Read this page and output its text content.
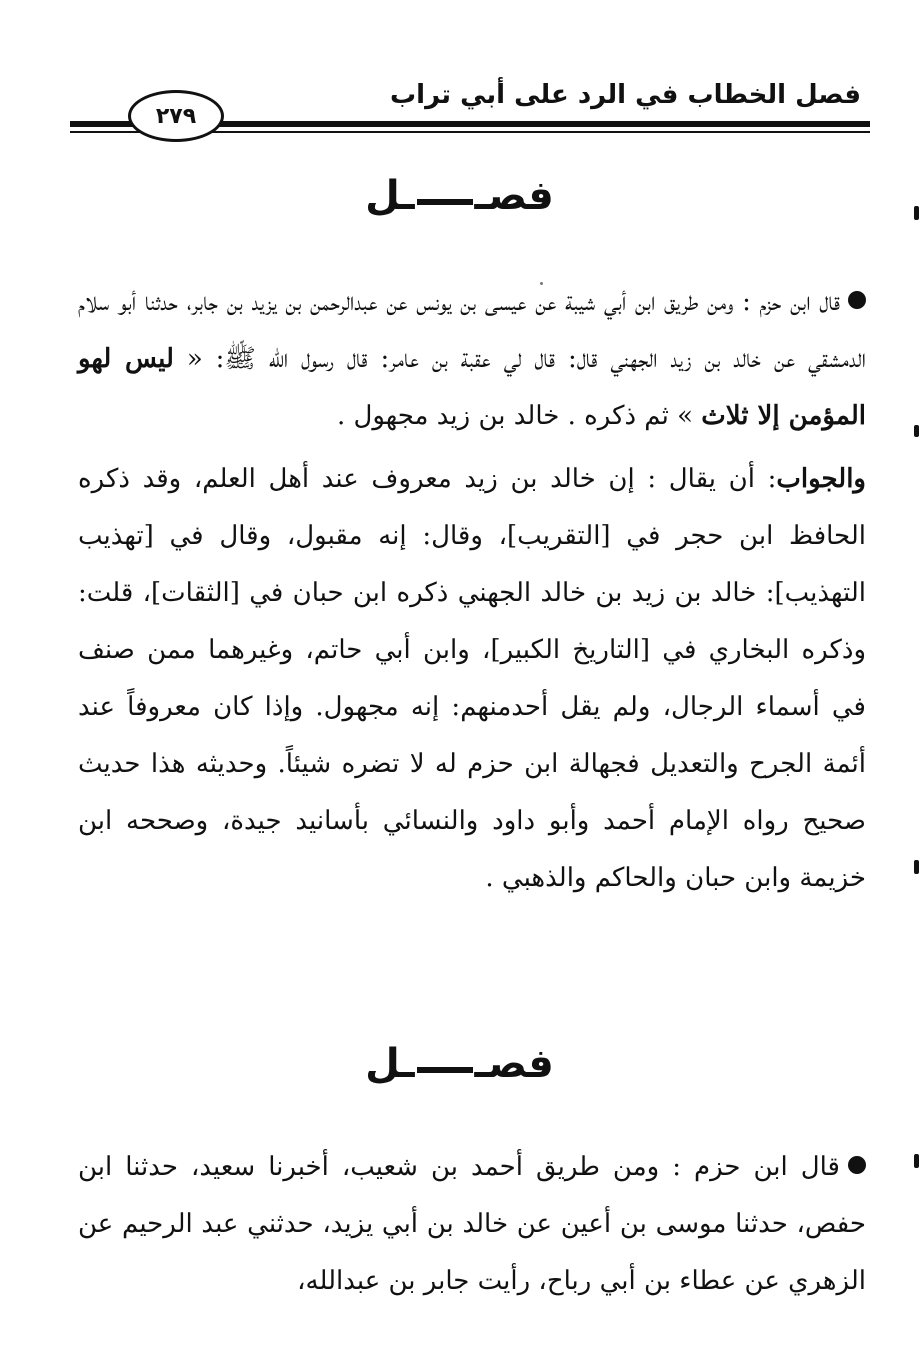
فصل الخطاب في الرد على أبي تراب
٢٧٩
فصــل

قال ابن حزم : ومن طريق ابن أبي شيبة عن عيسى بن يونس عن عبدالرحمن بن يزيد بن جابر، حدثنا أبو سلام الدمشقي عن خالد بن زيد الجهني قال: قال لي عقبة بن عامر: قال رسول الله ﷺ: « ليس لهو المؤمن إلا ثلاث » ثم ذكره . خالد بن زيد مجهول .

والجواب: أن يقال : إن خالد بن زيد معروف عند أهل العلم، وقد ذكره الحافظ ابن حجر في [التقريب]، وقال: إنه مقبول، وقال في [تهذيب التهذيب]: خالد بن زيد بن خالد الجهني ذكره ابن حبان في [الثقات]، قلت: وذكره البخاري في [التاريخ الكبير]، وابن أبي حاتم، وغيرهما ممن صنف في أسماء الرجال، ولم يقل أحدمنهم: إنه مجهول. وإذا كان معروفاً عند أئمة الجرح والتعديل فجهالة ابن حزم له لا تضره شيئاً. وحديثه هذا حديث صحيح رواه الإمام أحمد وأبو داود والنسائي بأسانيد جيدة، وصححه ابن خزيمة وابن حبان والحاكم والذهبي .

فصــل

قال ابن حزم : ومن طريق أحمد بن شعيب، أخبرنا سعيد، حدثنا ابن حفص، حدثنا موسى بن أعين عن خالد بن أبي يزيد، حدثني عبد الرحيم عن الزهري عن عطاء بن أبي رباح، رأيت جابر بن عبدالله،
